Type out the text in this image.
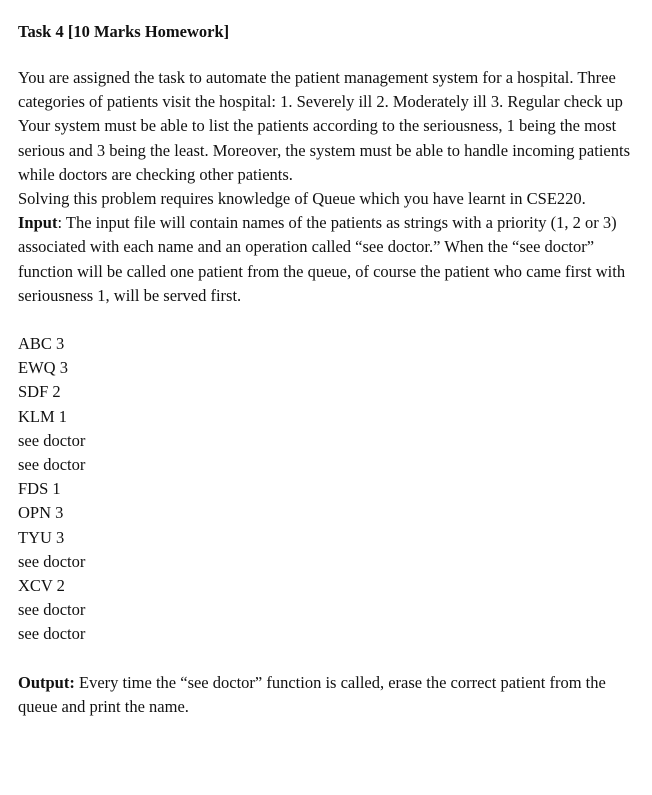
Task 4 [10 Marks Homework]

You are assigned the task to automate the patient management system for a hospital. Three categories of patients visit the hospital: 1. Severely ill 2. Moderately ill 3. Regular check up

Your system must be able to list the patients according to the seriousness, 1 being the most serious and 3 being the least. Moreover, the system must be able to handle incoming patients while doctors are checking other patients.

Solving this problem requires knowledge of Queue which you have learnt in CSE220.

Input: The input file will contain names of the patients as strings with a priority (1, 2 or 3) associated with each name and an operation called “see doctor.” When the “see doctor” function will be called one patient from the queue, of course the patient who came first with seriousness 1, will be served first.

ABC 3
EWQ 3
SDF 2
KLM 1
see doctor
see doctor
FDS 1
OPN 3
TYU 3
see doctor
XCV 2
see doctor
see doctor

Output: Every time the “see doctor” function is called, erase the correct patient from the queue and print the name.
